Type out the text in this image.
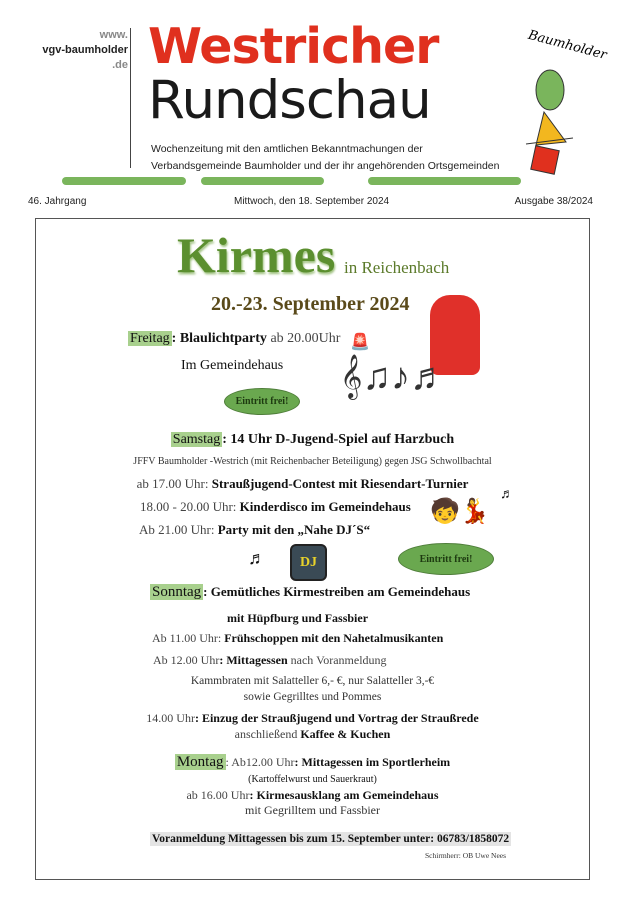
www.
vgv-baumholder
.de Westricher
Rundschau
Wochenzeitung mit den amtlichen Bekanntmachungen der
Verbandsgemeinde Baumholder und der ihr angehörenden Ortsgemeinden
Baumholder
46. Jahrgang	Mittwoch, den 18. September 2024	Ausgabe 38/2024
Kirmes in Reichenbach
20.-23. September 2024
Freitag : Blaulichtparty ab 20.00Uhr 🚨
Im Gemeindehaus
Eintritt frei!
𝄞♫♪♬
Samstag : 14 Uhr D-Jugend-Spiel auf Harzbuch
JFFV Baumholder -Westrich (mit Reichenbacher Beteiligung) gegen JSG Schwollbachtal
ab 17.00 Uhr: Straußjugend-Contest mit Riesendart-Turnier
18.00 - 20.00 Uhr: Kinderdisco im Gemeindehaus
Ab 21.00 Uhr: Party mit den „Nahe DJ´S“
🧒💃
♬
♬	DJ	Eintritt frei!
Sonntag : Gemütliches Kirmestreiben am Gemeindehaus
mit Hüpfburg und Fassbier
Ab 11.00 Uhr: Frühschoppen mit den Nahetalmusikanten
Ab 12.00 Uhr: Mittagessen nach Voranmeldung
Kammbraten mit Salatteller 6,- €, nur Salatteller 3,-€
sowie Gegrilltes und Pommes
14.00 Uhr: Einzug der Straußjugend und Vortrag der Straußrede
anschließend Kaffee & Kuchen
Montag : Ab12.00 Uhr: Mittagessen im Sportlerheim
(Kartoffelwurst und Sauerkraut)
ab 16.00 Uhr: Kirmesausklang am Gemeindehaus
mit Gegrilltem und Fassbier
Voranmeldung Mittagessen bis zum 15. September unter: 06783/1858072
Schirmherr: OB Uwe Nees
